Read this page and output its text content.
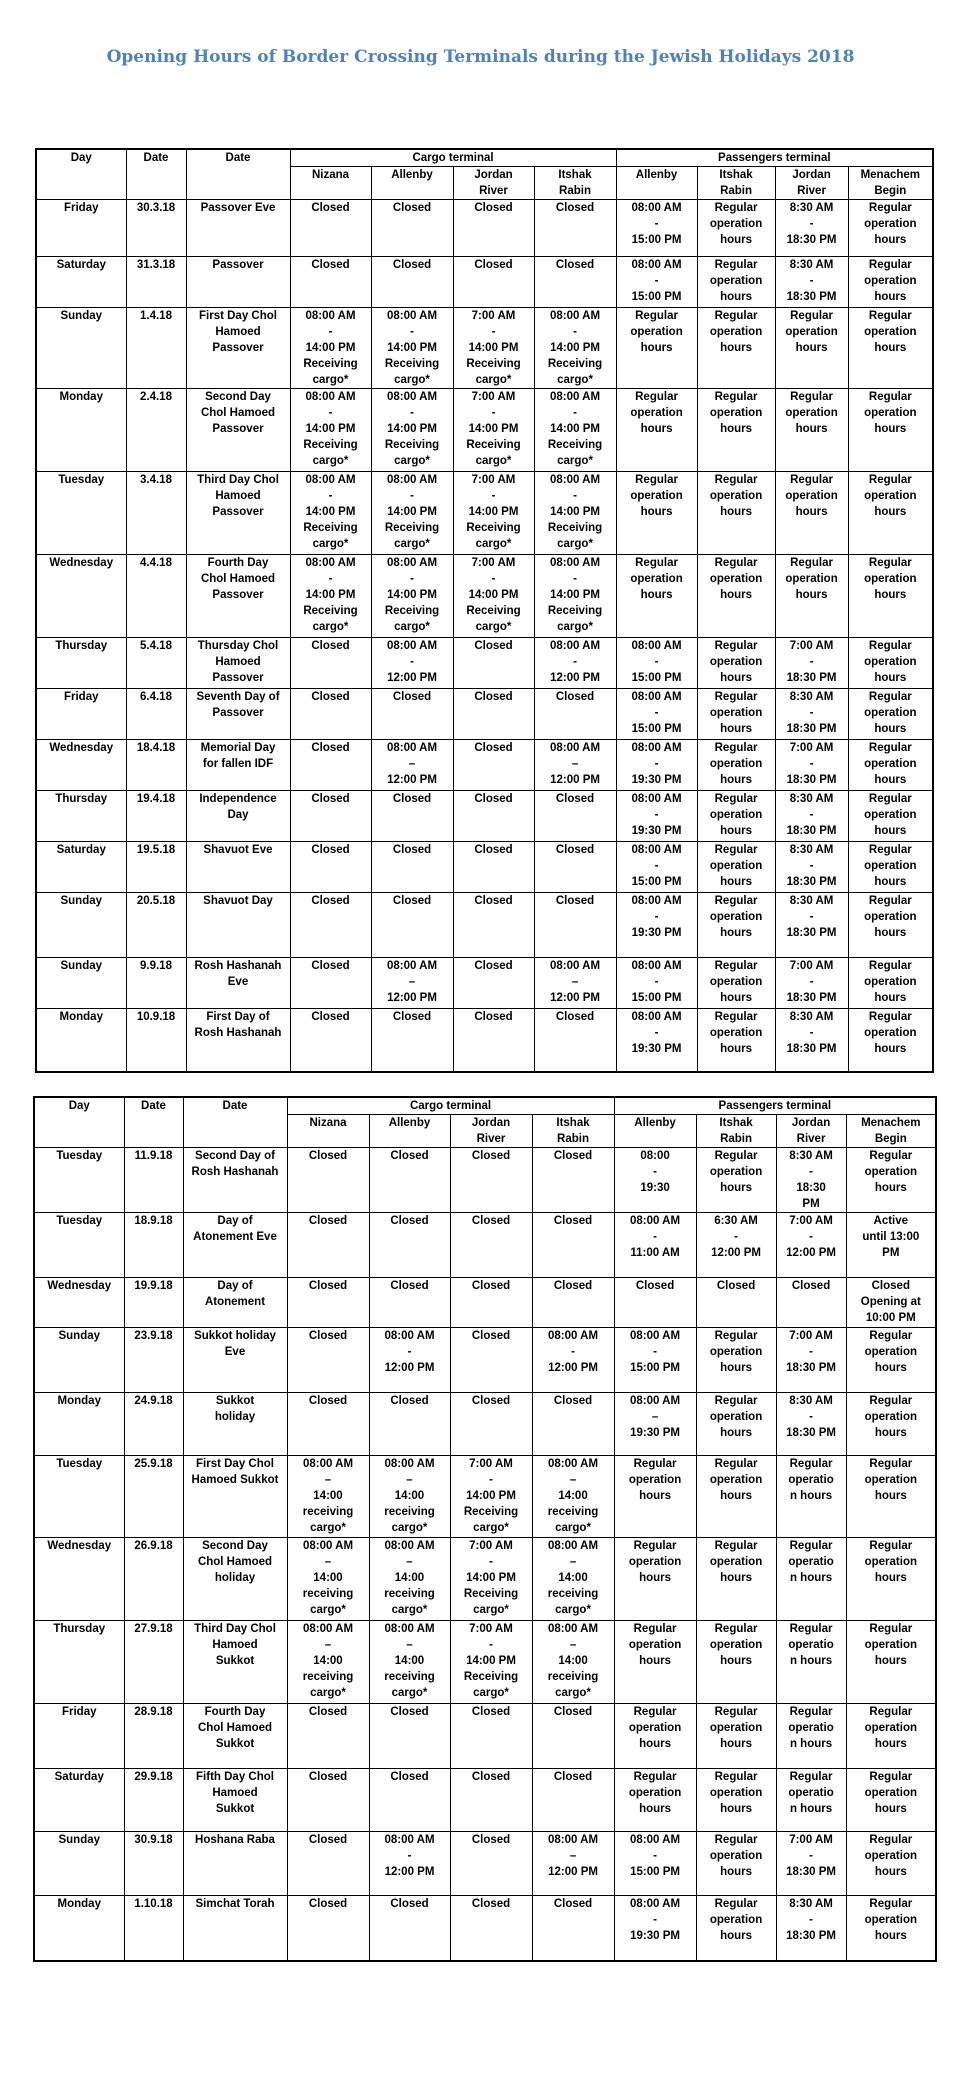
Opening Hours of Border Crossing Terminals during the Jewish Holidays 2018
Day	Date	Date	Cargo terminal				Passengers terminal			
			Nizana	Allenby	Jordan
River	Itshak
Rabin	Allenby	Itshak
Rabin	Jordan
River	Menachem
Begin
Friday	30.3.18	Passover Eve	Closed	Closed	Closed	Closed	08:00 AM
-
15:00 PM	Regular
operation
hours	8:30 AM
-
18:30 PM	Regular
operation
hours
Saturday	31.3.18	Passover	Closed	Closed	Closed	Closed	08:00 AM
-
15:00 PM	Regular
operation
hours	8:30 AM
-
18:30 PM	Regular
operation
hours
Sunday	1.4.18	First Day Chol
Hamoed
Passover	08:00 AM
-
14:00 PM
Receiving
cargo*	08:00 AM
-
14:00 PM
Receiving
cargo*	7:00 AM
-
14:00 PM
Receiving
cargo*	08:00 AM
-
14:00 PM
Receiving
cargo*	Regular
operation
hours	Regular
operation
hours	Regular
operation
hours	Regular
operation
hours
Monday	2.4.18	Second Day
Chol Hamoed
Passover	08:00 AM
-
14:00 PM
Receiving
cargo*	08:00 AM
-
14:00 PM
Receiving
cargo*	7:00 AM
-
14:00 PM
Receiving
cargo*	08:00 AM
-
14:00 PM
Receiving
cargo*	Regular
operation
hours	Regular
operation
hours	Regular
operation
hours	Regular
operation
hours
Tuesday	3.4.18	Third Day Chol
Hamoed
Passover	08:00 AM
-
14:00 PM
Receiving
cargo*	08:00 AM
-
14:00 PM
Receiving
cargo*	7:00 AM
-
14:00 PM
Receiving
cargo*	08:00 AM
-
14:00 PM
Receiving
cargo*	Regular
operation
hours	Regular
operation
hours	Regular
operation
hours	Regular
operation
hours
Wednesday	4.4.18	Fourth Day
Chol Hamoed
Passover	08:00 AM
-
14:00 PM
Receiving
cargo*	08:00 AM
-
14:00 PM
Receiving
cargo*	7:00 AM
-
14:00 PM
Receiving
cargo*	08:00 AM
-
14:00 PM
Receiving
cargo*	Regular
operation
hours	Regular
operation
hours	Regular
operation
hours	Regular
operation
hours
Thursday	5.4.18	Thursday Chol
Hamoed
Passover	Closed	08:00 AM
-
12:00 PM	Closed	08:00 AM
-
12:00 PM	08:00 AM
-
15:00 PM	Regular
operation
hours	7:00 AM
-
18:30 PM	Regular
operation
hours
Friday	6.4.18	Seventh Day of
Passover	Closed	Closed	Closed	Closed	08:00 AM
-
15:00 PM	Regular
operation
hours	8:30 AM
-
18:30 PM	Regular
operation
hours
Wednesday	18.4.18	Memorial Day
for fallen IDF	Closed	08:00 AM
–
12:00 PM	Closed	08:00 AM
–
12:00 PM	08:00 AM
-
19:30 PM	Regular
operation
hours	7:00 AM
-
18:30 PM	Regular
operation
hours
Thursday	19.4.18	Independence
Day	Closed	Closed	Closed	Closed	08:00 AM
-
19:30 PM	Regular
operation
hours	8:30 AM
-
18:30 PM	Regular
operation
hours
Saturday	19.5.18	Shavuot Eve	Closed	Closed	Closed	Closed	08:00 AM
-
15:00 PM	Regular
operation
hours	8:30 AM
-
18:30 PM	Regular
operation
hours
Sunday	20.5.18	Shavuot Day	Closed	Closed	Closed	Closed	08:00 AM
-
19:30 PM	Regular
operation
hours	8:30 AM
-
18:30 PM	Regular
operation
hours
Sunday	9.9.18	Rosh Hashanah
Eve	Closed	08:00 AM
–
12:00 PM	Closed	08:00 AM
–
12:00 PM	08:00 AM
-
15:00 PM	Regular
operation
hours	7:00 AM
-
18:30 PM	Regular
operation
hours
Monday	10.9.18	First Day of
Rosh Hashanah	Closed	Closed	Closed	Closed	08:00 AM
-
19:30 PM	Regular
operation
hours	8:30 AM
-
18:30 PM	Regular
operation
hours
Day	Date	Date	Cargo terminal				Passengers terminal			
			Nizana	Allenby	Jordan
River	Itshak
Rabin	Allenby	Itshak
Rabin	Jordan
River	Menachem
Begin
Tuesday	11.9.18	Second Day of
Rosh Hashanah	Closed	Closed	Closed	Closed	08:00
-
19:30	Regular
operation
hours	8:30 AM
-
18:30
PM	Regular
operation
hours
Tuesday	18.9.18	Day of
Atonement Eve	Closed	Closed	Closed	Closed	08:00 AM
-
11:00 AM	6:30 AM
-
12:00 PM	7:00 AM
-
12:00 PM	Active
until 13:00
PM
Wednesday	19.9.18	Day of
Atonement	Closed	Closed	Closed	Closed	Closed	Closed	Closed	Closed
Opening at
10:00 PM
Sunday	23.9.18	Sukkot holiday
Eve	Closed	08:00 AM
-
12:00 PM	Closed	08:00 AM
-
12:00 PM	08:00 AM
-
15:00 PM	Regular
operation
hours	7:00 AM
-
18:30 PM	Regular
operation
hours
Monday	24.9.18	Sukkot
holiday	Closed	Closed	Closed	Closed	08:00 AM
–
19:30 PM	Regular
operation
hours	8:30 AM
-
18:30 PM	Regular
operation
hours
Tuesday	25.9.18	First Day Chol
Hamoed Sukkot	08:00 AM
–
14:00
receiving
cargo*	08:00 AM
–
14:00
receiving
cargo*	7:00 AM
-
14:00 PM
Receiving
cargo*	08:00 AM
–
14:00
receiving
cargo*	Regular
operation
hours	Regular
operation
hours	Regular
operatio
n hours	Regular
operation
hours
Wednesday	26.9.18	Second Day
Chol Hamoed
holiday	08:00 AM
–
14:00
receiving
cargo*	08:00 AM
–
14:00
receiving
cargo*	7:00 AM
-
14:00 PM
Receiving
cargo*	08:00 AM
–
14:00
receiving
cargo*	Regular
operation
hours	Regular
operation
hours	Regular
operatio
n hours	Regular
operation
hours
Thursday	27.9.18	Third Day Chol
Hamoed
Sukkot	08:00 AM
–
14:00
receiving
cargo*	08:00 AM
–
14:00
receiving
cargo*	7:00 AM
-
14:00 PM
Receiving
cargo*	08:00 AM
–
14:00
receiving
cargo*	Regular
operation
hours	Regular
operation
hours	Regular
operatio
n hours	Regular
operation
hours
Friday	28.9.18	Fourth Day
Chol Hamoed
Sukkot	Closed	Closed	Closed	Closed	Regular
operation
hours	Regular
operation
hours	Regular
operatio
n hours	Regular
operation
hours
Saturday	29.9.18	Fifth Day Chol
Hamoed
Sukkot	Closed	Closed	Closed	Closed	Regular
operation
hours	Regular
operation
hours	Regular
operatio
n hours	Regular
operation
hours
Sunday	30.9.18	Hoshana Raba	Closed	08:00 AM
-
12:00 PM	Closed	08:00 AM
–
12:00 PM	08:00 AM
-
15:00 PM	Regular
operation
hours	7:00 AM
-
18:30 PM	Regular
operation
hours
Monday	1.10.18	Simchat Torah	Closed	Closed	Closed	Closed	08:00 AM
-
19:30 PM	Regular
operation
hours	8:30 AM
-
18:30 PM	Regular
operation
hours
